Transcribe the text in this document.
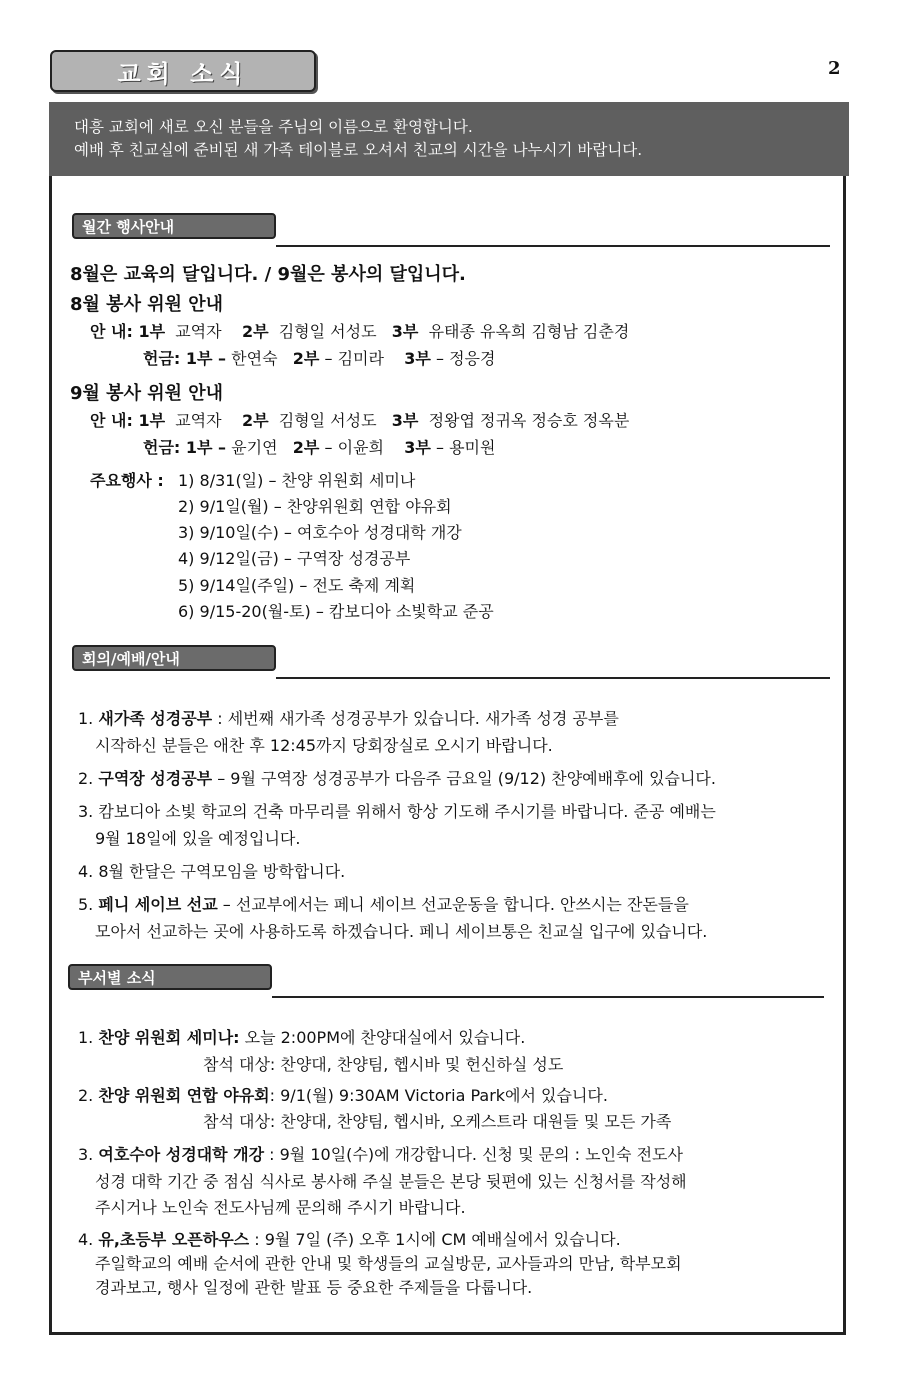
교회 소식	2
대흥 교회에 새로 오신 분들을 주님의 이름으로 환영합니다.
예배 후 친교실에 준비된 새 가족 테이블로 오셔서 친교의 시간을 나누시기 바랍니다.
월간 행사안내
8월은 교육의 달입니다. / 9월은 봉사의 달입니다.
8월 봉사 위원 안내
안 내: 1부 교역자 2부 김형일 서성도 3부 유태종 유옥희 김형남 김춘경
헌금: 1부 – 한연숙 2부 – 김미라 3부 – 정응경
9월 봉사 위원 안내
안 내: 1부 교역자 2부 김형일 서성도 3부 정왕엽 정귀옥 정승호 정옥분
헌금: 1부 – 윤기연 2부 – 이윤희 3부 – 용미원
주요행사 : 1) 8/31(일) – 찬양 위원회 세미나
2) 9/1일(월) – 찬양위원회 연합 야유회
3) 9/10일(수) – 여호수아 성경대학 개강
4) 9/12일(금) – 구역장 성경공부
5) 9/14일(주일) – 전도 축제 계획
6) 9/15-20(월-토) – 캄보디아 소빛학교 준공
회의/예배/안내
1. 새가족 성경공부 : 세번째 새가족 성경공부가 있습니다. 새가족 성경 공부를
시작하신 분들은 애찬 후 12:45까지 당회장실로 오시기 바랍니다.
2. 구역장 성경공부 – 9월 구역장 성경공부가 다음주 금요일 (9/12) 찬양예배후에 있습니다.
3. 캄보디아 소빛 학교의 건축 마무리를 위해서 항상 기도해 주시기를 바랍니다. 준공 예배는
9월 18일에 있을 예정입니다.
4. 8월 한달은 구역모임을 방학합니다.
5. 페니 세이브 선교 – 선교부에서는 페니 세이브 선교운동을 합니다. 안쓰시는 잔돈들을
모아서 선교하는 곳에 사용하도록 하겠습니다. 페니 세이브통은 친교실 입구에 있습니다.
부서별 소식
1. 찬양 위원회 세미나: 오늘 2:00PM에 찬양대실에서 있습니다.
참석 대상: 찬양대, 찬양팀, 헵시바 및 헌신하실 성도
2. 찬양 위원회 연합 야유회: 9/1(월) 9:30AM Victoria Park에서 있습니다.
참석 대상: 찬양대, 찬양팀, 헵시바, 오케스트라 대원들 및 모든 가족
3. 여호수아 성경대학 개강 : 9월 10일(수)에 개강합니다. 신청 및 문의 : 노인숙 전도사
성경 대학 기간 중 점심 식사로 봉사해 주실 분들은 본당 뒷편에 있는 신청서를 작성해
주시거나 노인숙 전도사님께 문의해 주시기 바랍니다.
4. 유,초등부 오픈하우스 : 9월 7일 (주) 오후 1시에 CM 예배실에서 있습니다.
주일학교의 예배 순서에 관한 안내 및 학생들의 교실방문, 교사들과의 만남, 학부모회
경과보고, 행사 일정에 관한 발표 등 중요한 주제들을 다룹니다.
